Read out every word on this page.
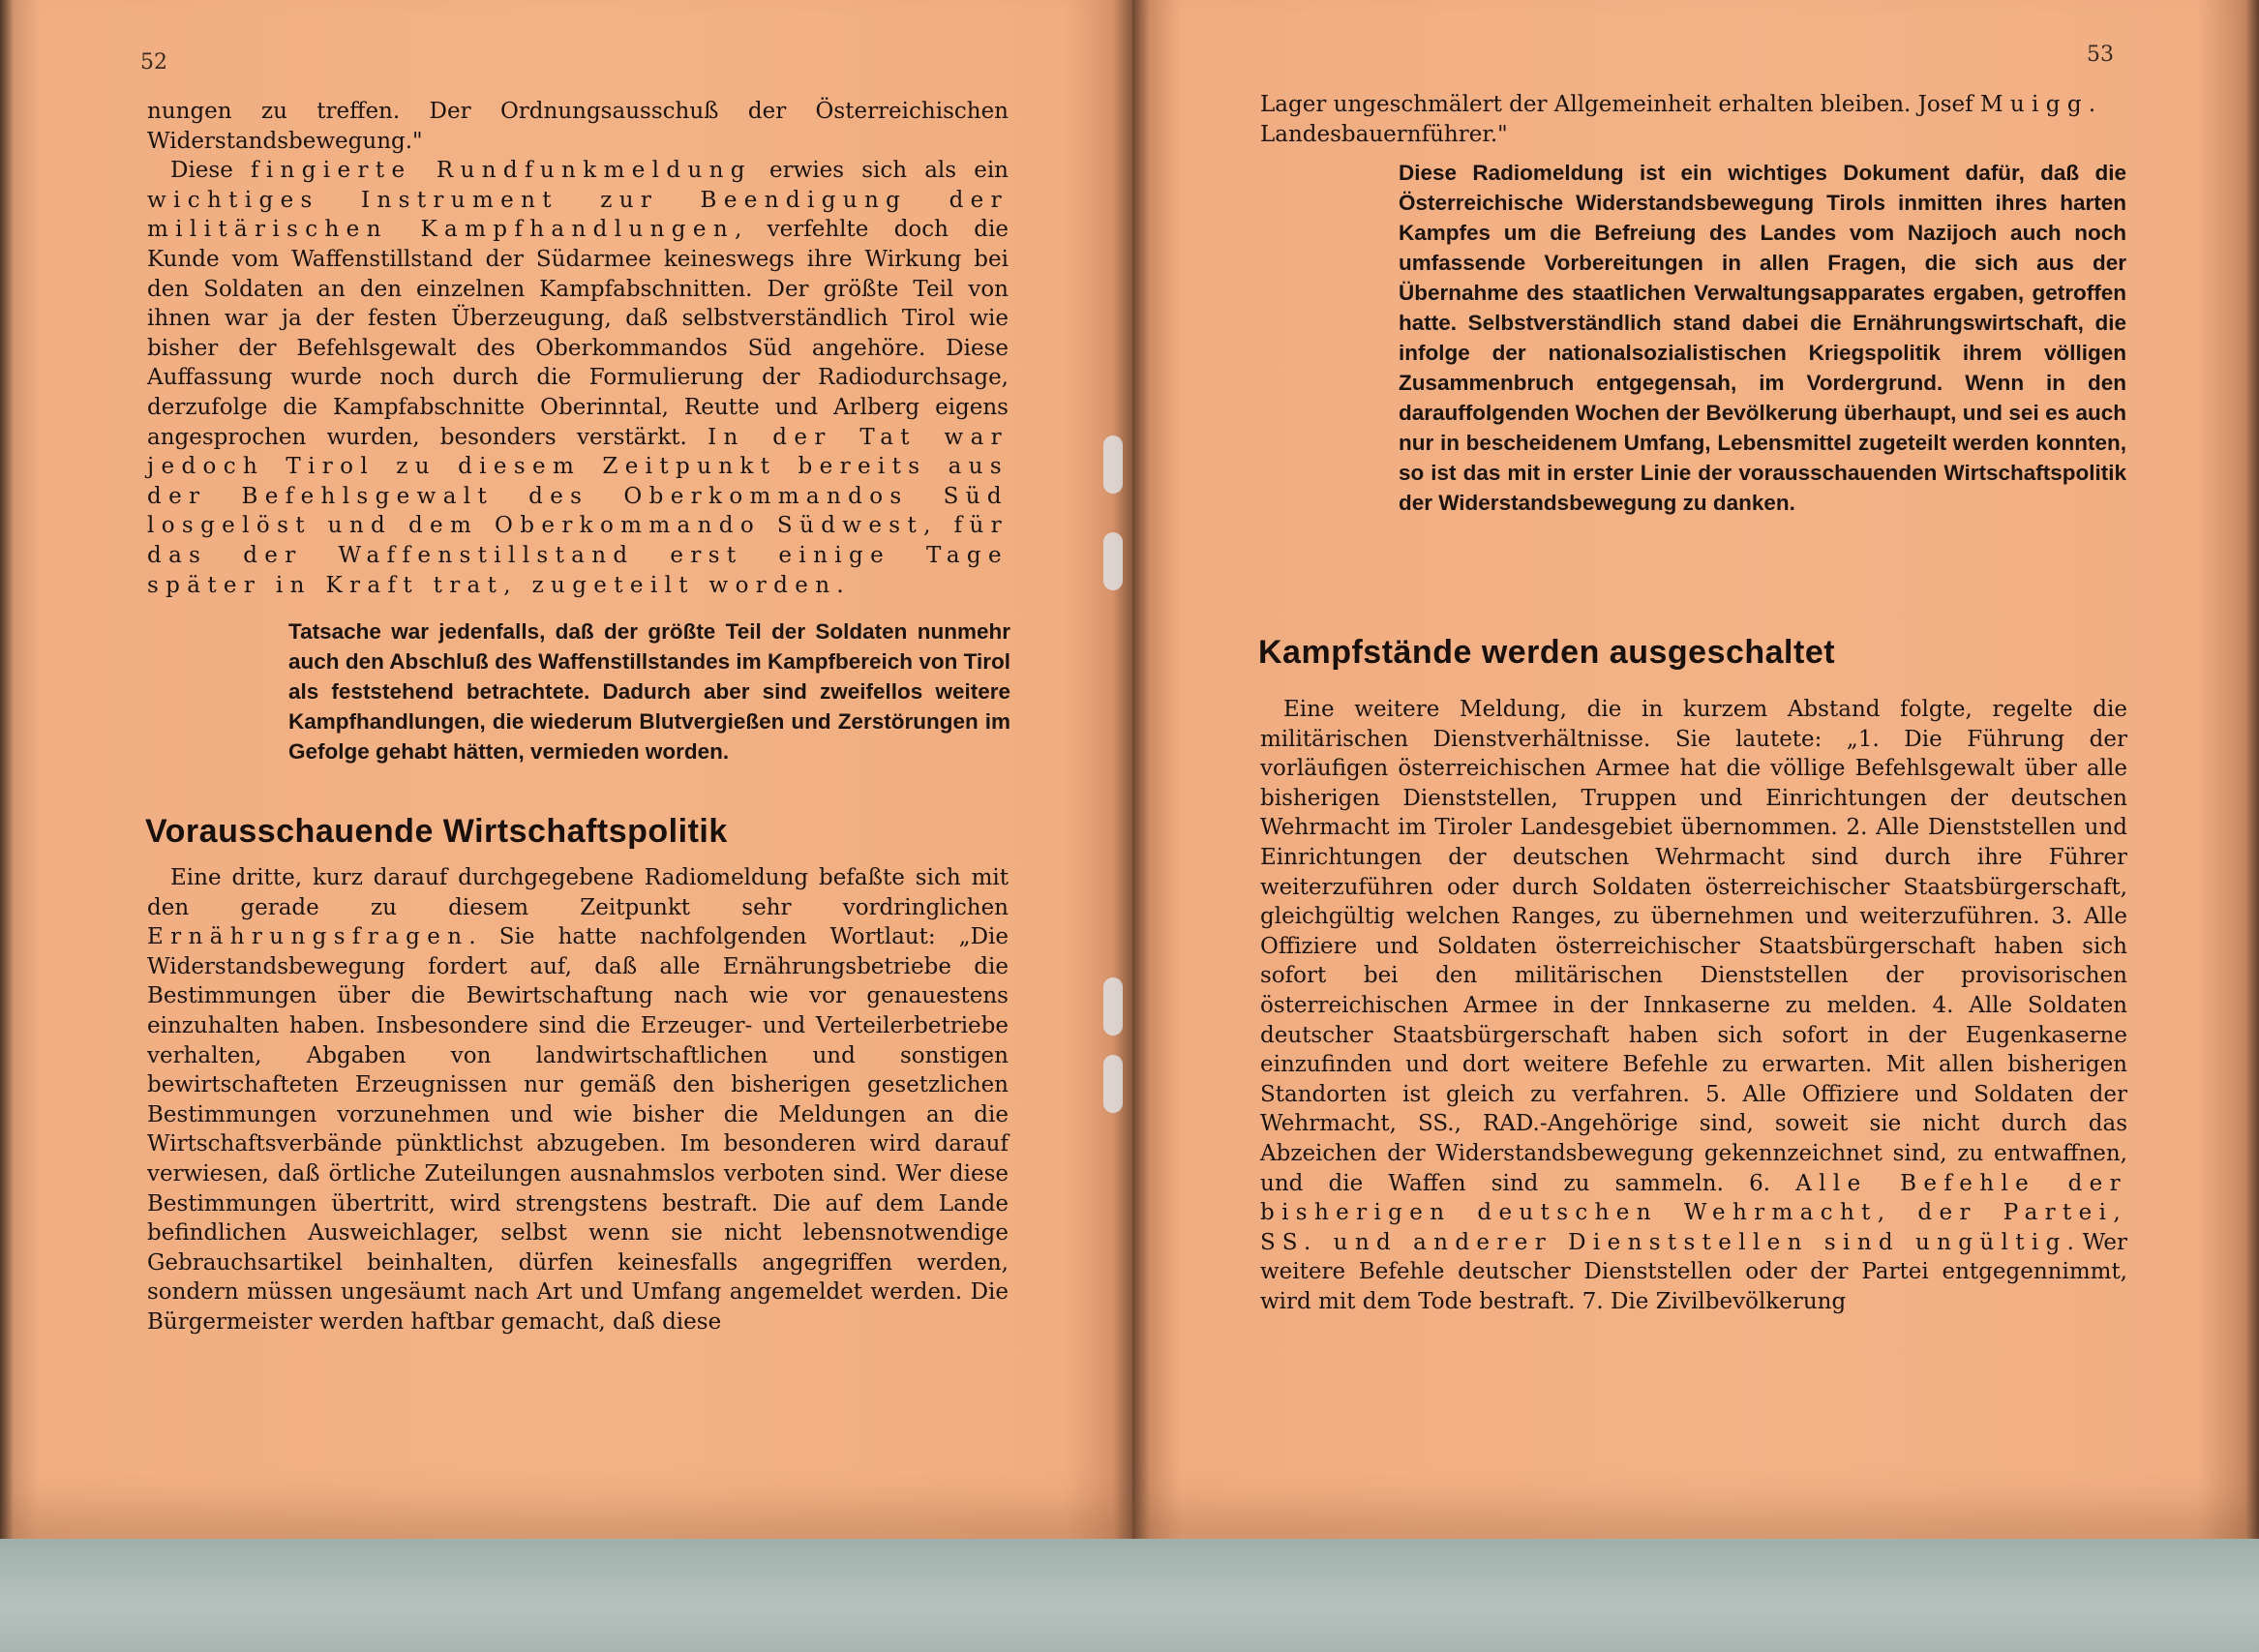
52

nungen zu treffen. Der Ordnungsausschuß der Österreichischen Widerstandsbewegung."

Diese fingierte Rundfunkmeldung erwies sich als ein wichtiges Instrument zur Beendigung der militärischen Kampfhandlungen, verfehlte doch die Kunde vom Waffenstillstand der Südarmee keineswegs ihre Wirkung bei den Soldaten an den einzelnen Kampfabschnitten. Der größte Teil von ihnen war ja der festen Überzeugung, daß selbstverständlich Tirol wie bisher der Befehlsgewalt des Oberkommandos Süd angehöre. Diese Auffassung wurde noch durch die Formulierung der Radiodurchsage, derzufolge die Kampfabschnitte Oberinntal, Reutte und Arlberg eigens angesprochen wurden, besonders verstärkt. In der Tat war jedoch Tirol zu diesem Zeitpunkt bereits aus der Befehlsgewalt des Oberkommandos Süd losgelöst und dem Oberkommando Südwest, für das der Waffenstillstand erst einige Tage später in Kraft trat, zugeteilt worden.

Tatsache war jedenfalls, daß der größte Teil der Soldaten nunmehr auch den Abschluß des Waffenstillstandes im Kampfbereich von Tirol als feststehend betrachtete. Dadurch aber sind zweifellos weitere Kampfhandlungen, die wiederum Blutvergießen und Zerstörungen im Gefolge gehabt hätten, vermieden worden.

Vorausschauende Wirtschaftspolitik

Eine dritte, kurz darauf durchgegebene Radiomeldung befaßte sich mit den gerade zu diesem Zeitpunkt sehr vordringlichen Ernährungsfragen. Sie hatte nachfolgenden Wortlaut: „Die Widerstandsbewegung fordert auf, daß alle Ernährungsbetriebe die Bestimmungen über die Bewirtschaftung nach wie vor genauestens einzuhalten haben. Insbesondere sind die Erzeuger- und Verteilerbetriebe verhalten, Abgaben von landwirtschaftlichen und sonstigen bewirtschafteten Erzeugnissen nur gemäß den bisherigen gesetzlichen Bestimmungen vorzunehmen und wie bisher die Meldungen an die Wirtschaftsverbände pünktlichst abzugeben. Im besonderen wird darauf verwiesen, daß örtliche Zuteilungen ausnahmslos verboten sind. Wer diese Bestimmungen übertritt, wird strengstens bestraft. Die auf dem Lande befindlichen Ausweichlager, selbst wenn sie nicht lebensnotwendige Gebrauchsartikel beinhalten, dürfen keinesfalls angegriffen werden, sondern müssen ungesäumt nach Art und Umfang angemeldet werden. Die Bürgermeister werden haftbar gemacht, daß diese

53

Lager ungeschmälert der Allgemeinheit erhalten bleiben. Josef Muigg.

Landesbauernführer."

Diese Radiomeldung ist ein wichtiges Dokument dafür, daß die Österreichische Widerstandsbewegung Tirols inmitten ihres harten Kampfes um die Befreiung des Landes vom Nazijoch auch noch umfassende Vorbereitungen in allen Fragen, die sich aus der Übernahme des staatlichen Verwaltungsapparates ergaben, getroffen hatte. Selbstverständlich stand dabei die Ernährungswirtschaft, die infolge der nationalsozialistischen Kriegspolitik ihrem völligen Zusammenbruch entgegensah, im Vordergrund. Wenn in den darauffolgenden Wochen der Bevölkerung überhaupt, und sei es auch nur in bescheidenem Umfang, Lebensmittel zugeteilt werden konnten, so ist das mit in erster Linie der vorausschauenden Wirtschaftspolitik der Widerstandsbewegung zu danken.

Kampfstände werden ausgeschaltet

Eine weitere Meldung, die in kurzem Abstand folgte, regelte die militärischen Dienstverhältnisse. Sie lautete: „1. Die Führung der vorläufigen österreichischen Armee hat die völlige Befehlsgewalt über alle bisherigen Dienststellen, Truppen und Einrichtungen der deutschen Wehrmacht im Tiroler Landesgebiet übernommen. 2. Alle Dienststellen und Einrichtungen der deutschen Wehrmacht sind durch ihre Führer weiterzuführen oder durch Soldaten österreichischer Staatsbürgerschaft, gleichgültig welchen Ranges, zu übernehmen und weiterzuführen. 3. Alle Offiziere und Soldaten österreichischer Staatsbürgerschaft haben sich sofort bei den militärischen Dienststellen der provisorischen österreichischen Armee in der Innkaserne zu melden. 4. Alle Soldaten deutscher Staatsbürgerschaft haben sich sofort in der Eugenkaserne einzufinden und dort weitere Befehle zu erwarten. Mit allen bisherigen Standorten ist gleich zu verfahren. 5. Alle Offiziere und Soldaten der Wehrmacht, SS., RAD.-Angehörige sind, soweit sie nicht durch das Abzeichen der Widerstandsbewegung gekennzeichnet sind, zu entwaffnen, und die Waffen sind zu sammeln. 6. Alle Befehle der bisherigen deutschen Wehrmacht, der Partei, SS. und anderer Dienststellen sind ungültig. Wer weitere Befehle deutscher Dienststellen oder der Partei entgegennimmt, wird mit dem Tode bestraft. 7. Die Zivilbevölkerung
